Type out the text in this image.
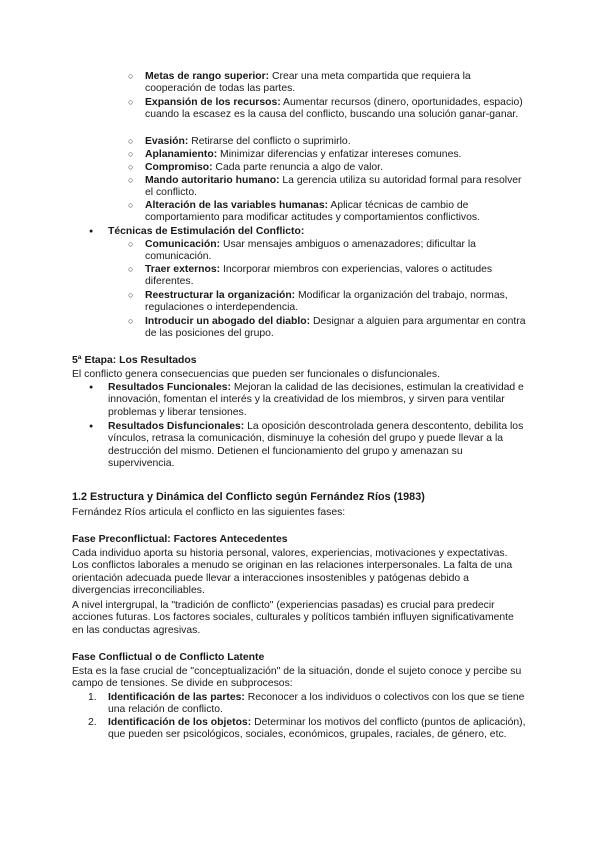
○ Metas de rango superior: Crear una meta compartida que requiera la cooperación de todas las partes.
○ Expansión de los recursos: Aumentar recursos (dinero, oportunidades, espacio) cuando la escasez es la causa del conflicto, buscando una solución ganar-ganar.
○ Evasión: Retirarse del conflicto o suprimirlo.
○ Aplanamiento: Minimizar diferencias y enfatizar intereses comunes.
○ Compromiso: Cada parte renuncia a algo de valor.
○ Mando autoritario humano: La gerencia utiliza su autoridad formal para resolver el conflicto.
○ Alteración de las variables humanas: Aplicar técnicas de cambio de comportamiento para modificar actitudes y comportamientos conflictivos.
● Técnicas de Estimulación del Conflicto:
○ Comunicación: Usar mensajes ambiguos o amenazadores; dificultar la comunicación.
○ Traer externos: Incorporar miembros con experiencias, valores o actitudes diferentes.
○ Reestructurar la organización: Modificar la organización del trabajo, normas, regulaciones o interdependencia.
○ Introducir un abogado del diablo: Designar a alguien para argumentar en contra de las posiciones del grupo.
5ª Etapa: Los Resultados
El conflicto genera consecuencias que pueden ser funcionales o disfuncionales.
● Resultados Funcionales: Mejoran la calidad de las decisiones, estimulan la creatividad e innovación, fomentan el interés y la creatividad de los miembros, y sirven para ventilar problemas y liberar tensiones.
● Resultados Disfuncionales: La oposición descontrolada genera descontento, debilita los vínculos, retrasa la comunicación, disminuye la cohesión del grupo y puede llevar a la destrucción del mismo. Detienen el funcionamiento del grupo y amenazan su supervivencia.
1.2 Estructura y Dinámica del Conflicto según Fernández Ríos (1983)
Fernández Ríos articula el conflicto en las siguientes fases:
Fase Preconflictual: Factores Antecedentes
Cada individuo aporta su historia personal, valores, experiencias, motivaciones y expectativas. Los conflictos laborales a menudo se originan en las relaciones interpersonales. La falta de una orientación adecuada puede llevar a interacciones insostenibles y patógenas debido a divergencias irreconciliables.
A nivel intergrupal, la "tradición de conflicto" (experiencias pasadas) es crucial para predecir acciones futuras. Los factores sociales, culturales y políticos también influyen significativamente en las conductas agresivas.
Fase Conflictual o de Conflicto Latente
Esta es la fase crucial de "conceptualización" de la situación, donde el sujeto conoce y percibe su campo de tensiones. Se divide en subprocesos:
1. Identificación de las partes: Reconocer a los individuos o colectivos con los que se tiene una relación de conflicto.
2. Identificación de los objetos: Determinar los motivos del conflicto (puntos de aplicación), que pueden ser psicológicos, sociales, económicos, grupales, raciales, de género, etc.
